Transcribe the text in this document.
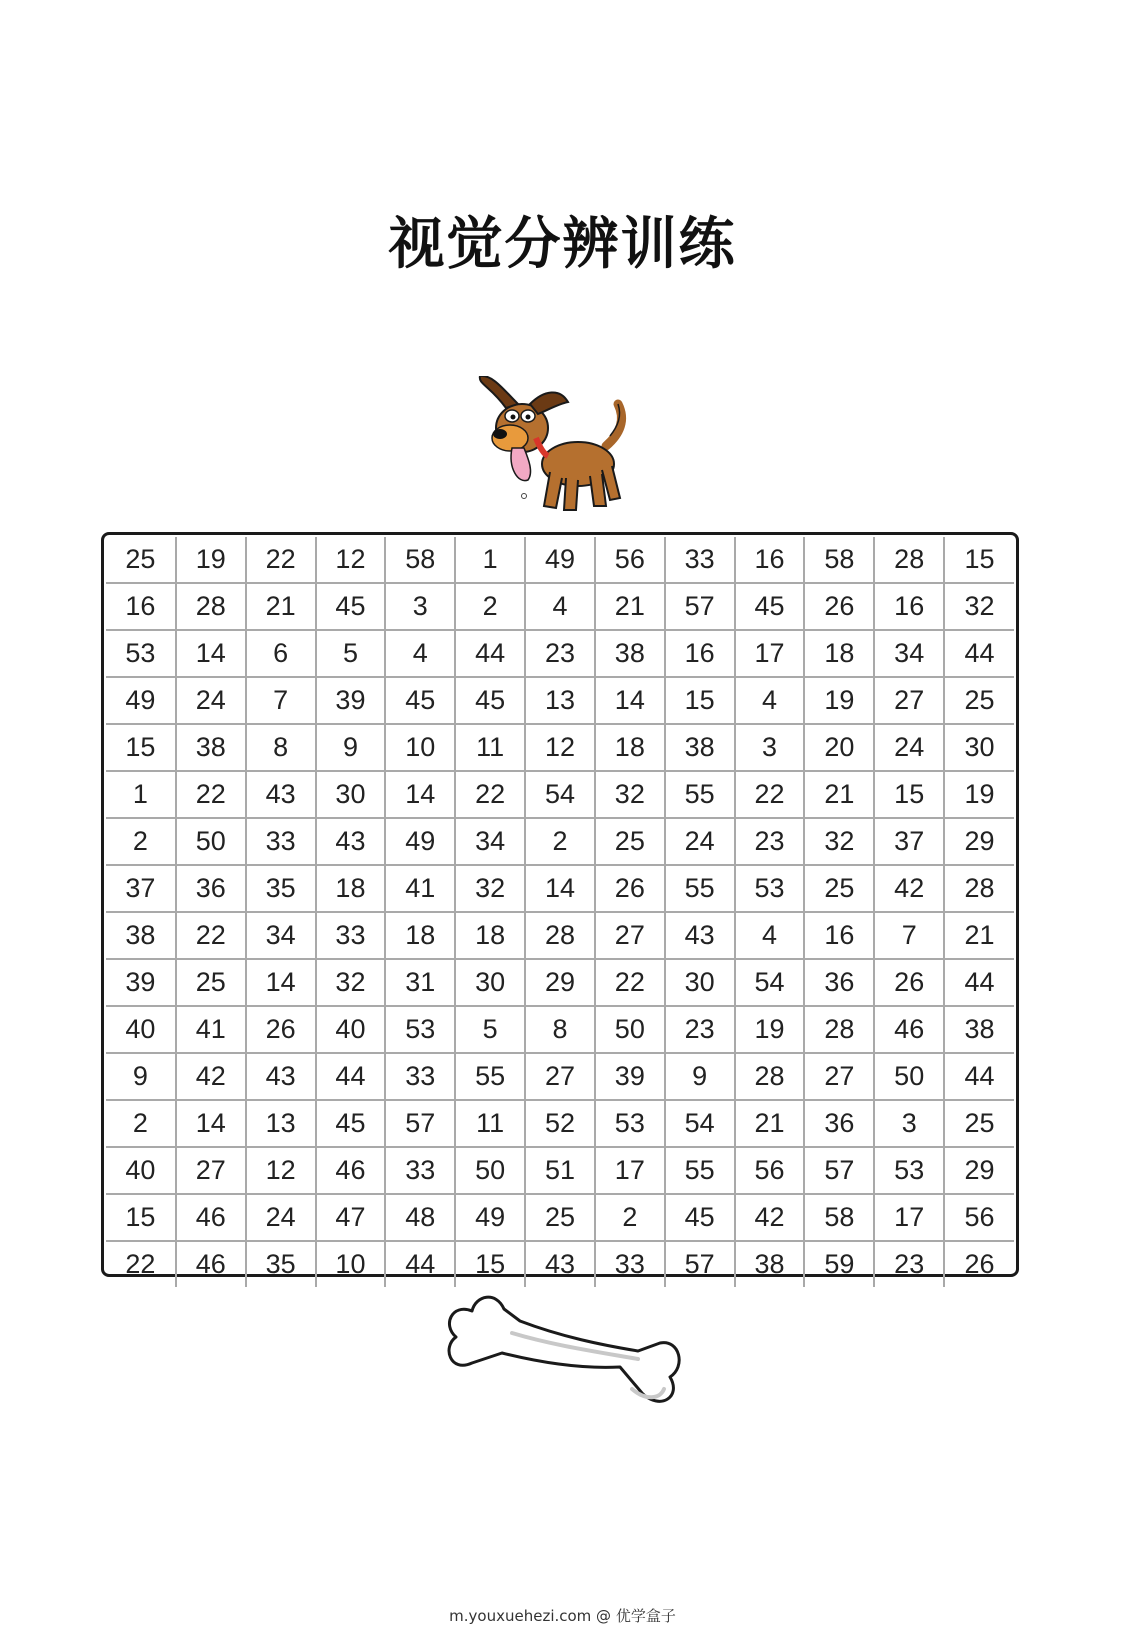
视觉分辨训练
25	19	22	12	58	1	49	56	33	16	58	28	15
16	28	21	45	3	2	4	21	57	45	26	16	32
53	14	6	5	4	44	23	38	16	17	18	34	44
49	24	7	39	45	45	13	14	15	4	19	27	25
15	38	8	9	10	11	12	18	38	3	20	24	30
1	22	43	30	14	22	54	32	55	22	21	15	19
2	50	33	43	49	34	2	25	24	23	32	37	29
37	36	35	18	41	32	14	26	55	53	25	42	28
38	22	34	33	18	18	28	27	43	4	16	7	21
39	25	14	32	31	30	29	22	30	54	36	26	44
40	41	26	40	53	5	8	50	23	19	28	46	38
9	42	43	44	33	55	27	39	9	28	27	50	44
2	14	13	45	57	11	52	53	54	21	36	3	25
40	27	12	46	33	50	51	17	55	56	57	53	29
15	46	24	47	48	49	25	2	45	42	58	17	56
22	46	35	10	44	15	43	33	57	38	59	23	26
m.youxuehezi.com @ 优学盒子
